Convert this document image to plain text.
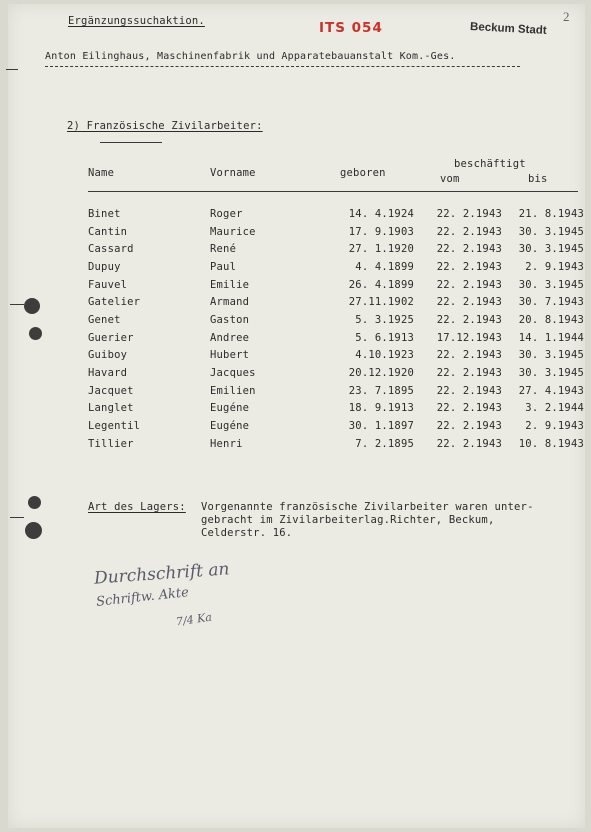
Ergänzungssuchaktion.	ITS 054	Beckum Stadt
2
Anton Eilinghaus, Maschinenfabrik und Apparatebauanstalt Kom.-Ges.
2) Französische Zivilarbeiter:
Name	Vorname	geboren
beschäftigt
vom	bis
Binet	Roger	14. 4.1924	22. 2.1943	21. 8.1943
Cantin	Maurice	17. 9.1903	22. 2.1943	30. 3.1945
Cassard	René	27. 1.1920	22. 2.1943	30. 3.1945
Dupuy	Paul	4. 4.1899	22. 2.1943	2. 9.1943
Fauvel	Emilie	26. 4.1899	22. 2.1943	30. 3.1945
Gatelier	Armand	27.11.1902	22. 2.1943	30. 7.1943
Genet	Gaston	5. 3.1925	22. 2.1943	20. 8.1943
Guerier	Andree	5. 6.1913	17.12.1943	14. 1.1944
Guiboy	Hubert	4.10.1923	22. 2.1943	30. 3.1945
Havard	Jacques	20.12.1920	22. 2.1943	30. 3.1945
Jacquet	Emilien	23. 7.1895	22. 2.1943	27. 4.1943
Langlet	Eugéne	18. 9.1913	22. 2.1943	3. 2.1944
Legentil	Eugéne	30. 1.1897	22. 2.1943	2. 9.1943
Tillier	Henri	7. 2.1895	22. 2.1943	10. 8.1943
Art des Lagers: Vorgenannte französische Zivilarbeiter waren unter-
gebracht im Zivilarbeiterlag.Richter, Beckum,
Celderstr. 16.
Durchschrift an
Schriftw. Akte
7/4 Ka
